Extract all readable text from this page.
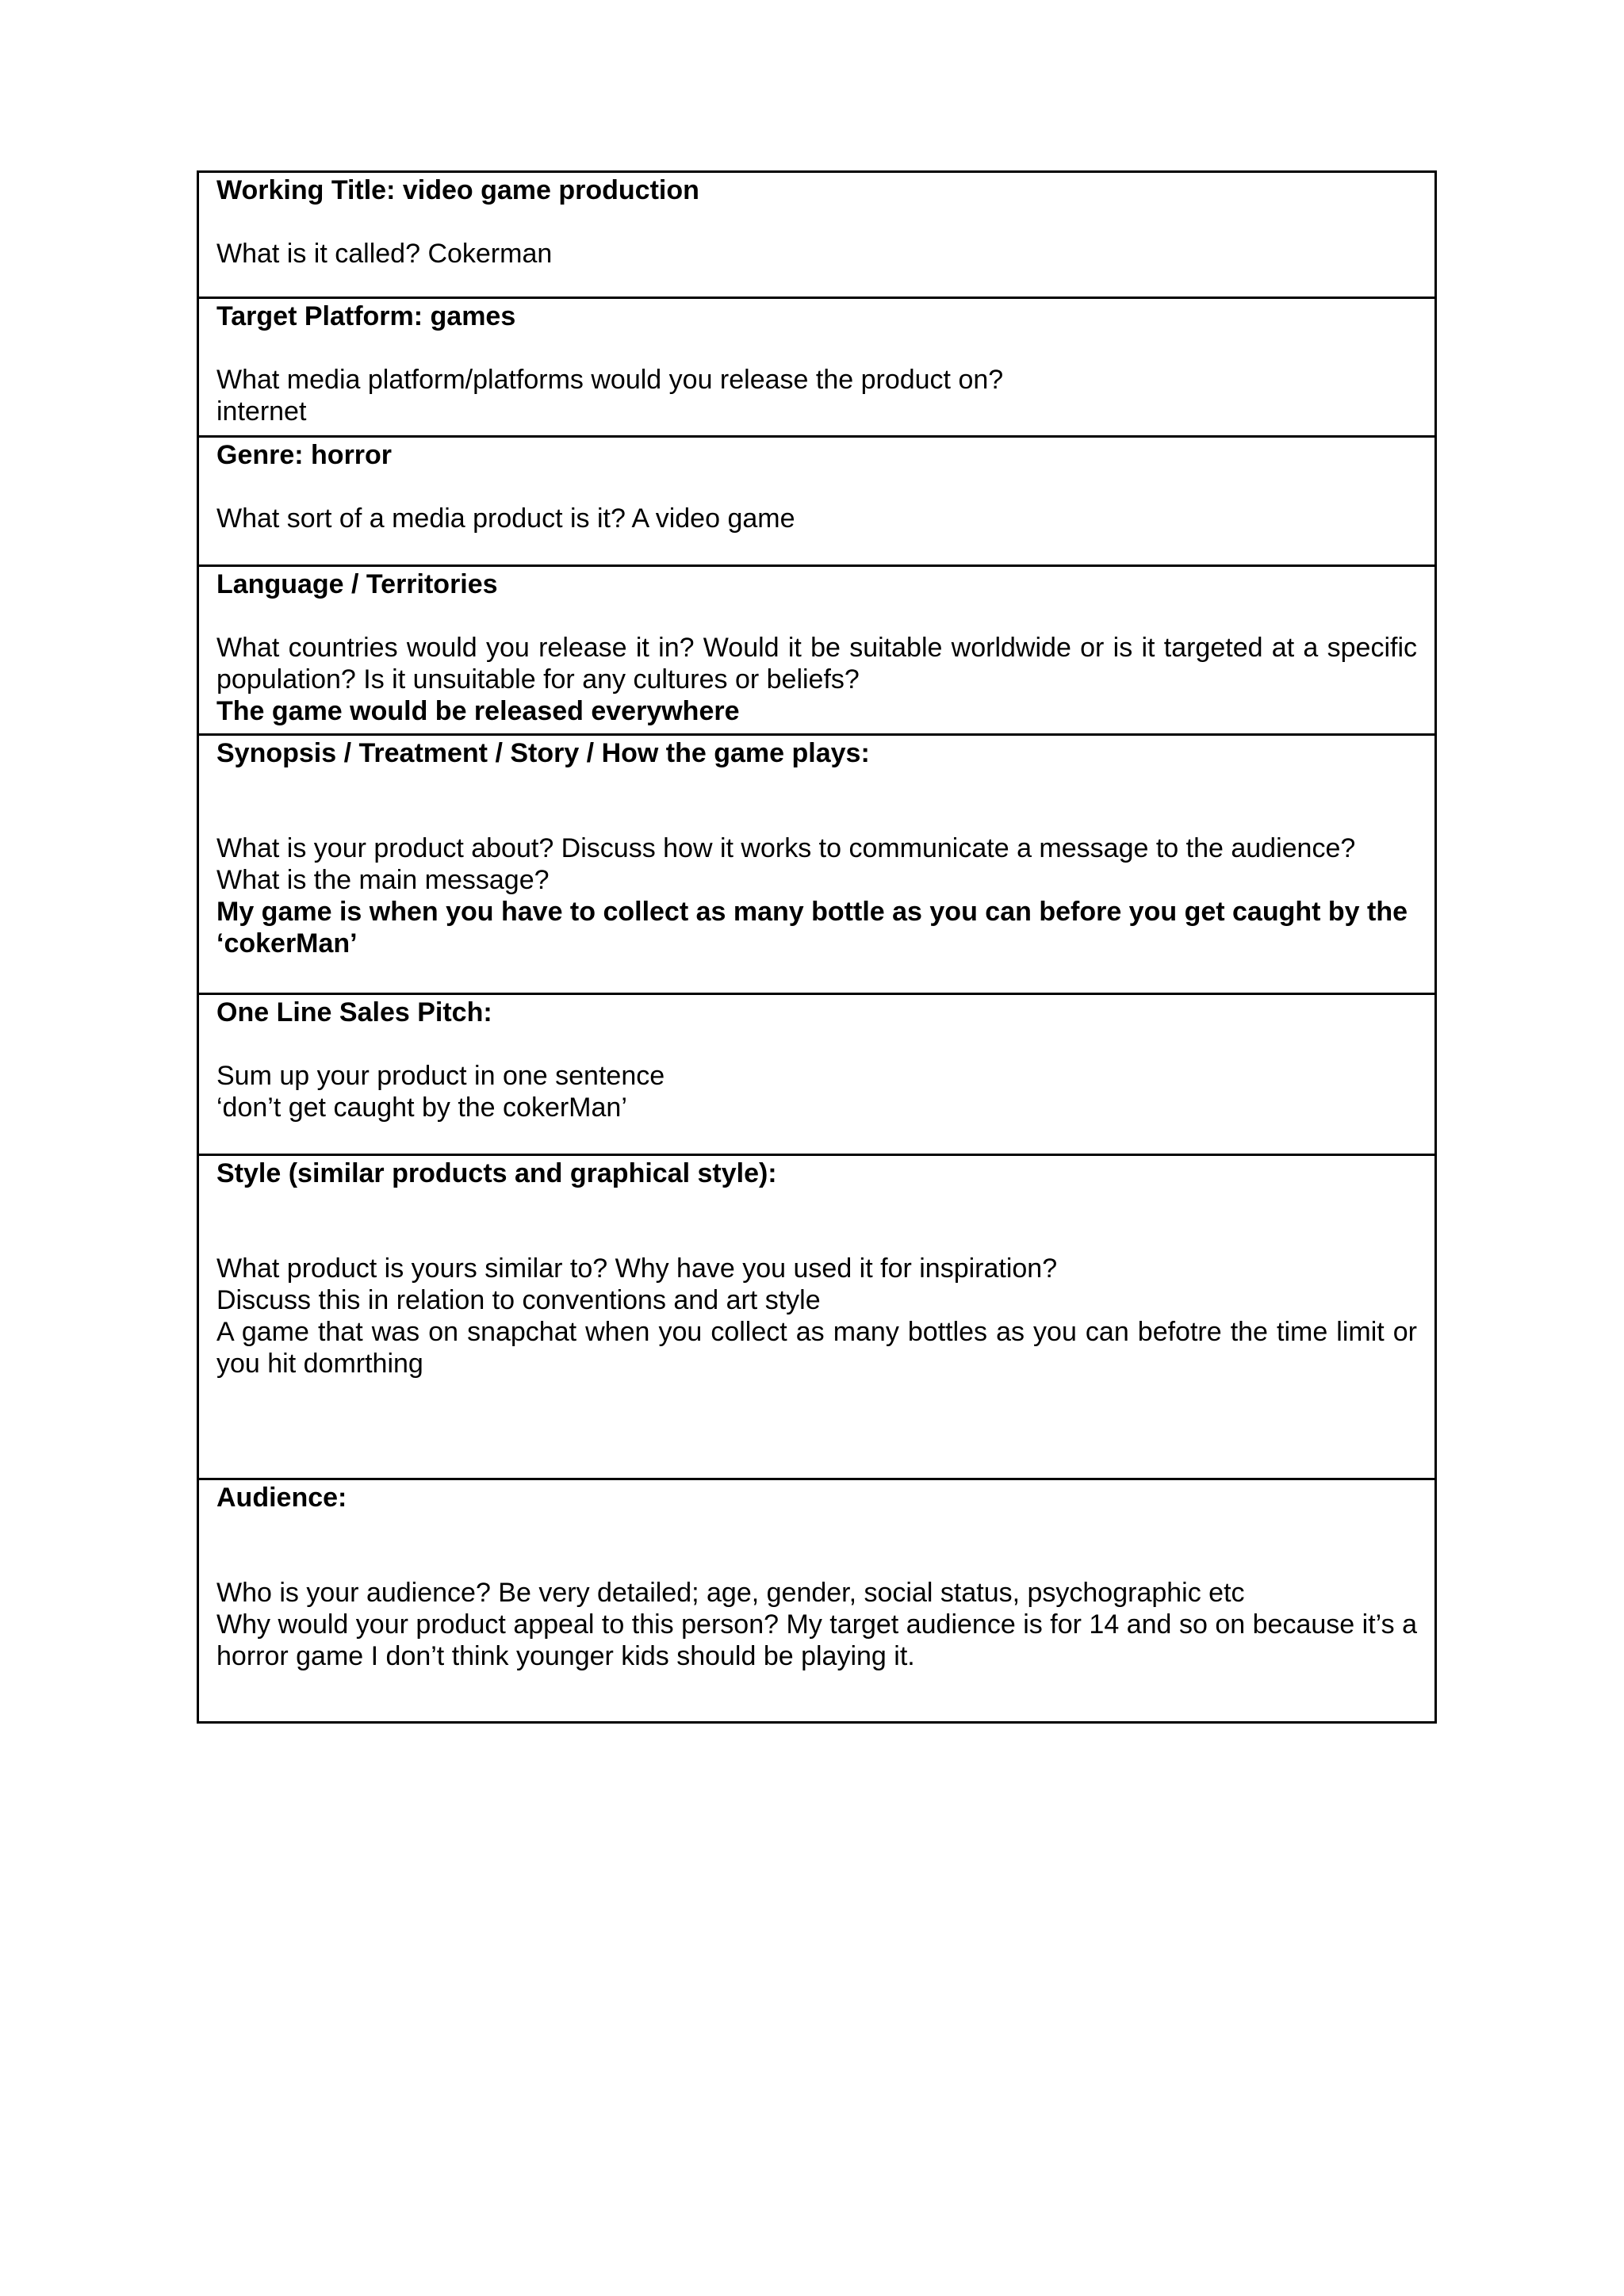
Working Title: video game production
What is it called? Cokerman

Target Platform: games
What media platform/platforms would you release the product on?
internet

Genre: horror
What sort of a media product is it? A video game

Language / Territories
What countries would you release it in? Would it be suitable worldwide or is it targeted at a specific population? Is it unsuitable for any cultures or beliefs?
The game would be released everywhere

Synopsis / Treatment / Story / How the game plays:
What is your product about? Discuss how it works to communicate a message to the audience?
What is the main message?
My game is when you have to collect as many bottle as you can before you get caught by the ‘cokerMan’

One Line Sales Pitch:
Sum up your product in one sentence
‘don’t get caught by the cokerMan’

Style (similar products and graphical style):
What product is yours similar to? Why have you used it for inspiration?
Discuss this in relation to conventions and art style
A game that was on snapchat when you collect as many bottles as you can befotre the time limit or you hit domrthing

Audience:
Who is your audience? Be very detailed; age, gender, social status, psychographic etc
Why would your product appeal to this person? My target audience is for 14 and so on because it’s a horror game I don’t think younger kids should be playing it.
